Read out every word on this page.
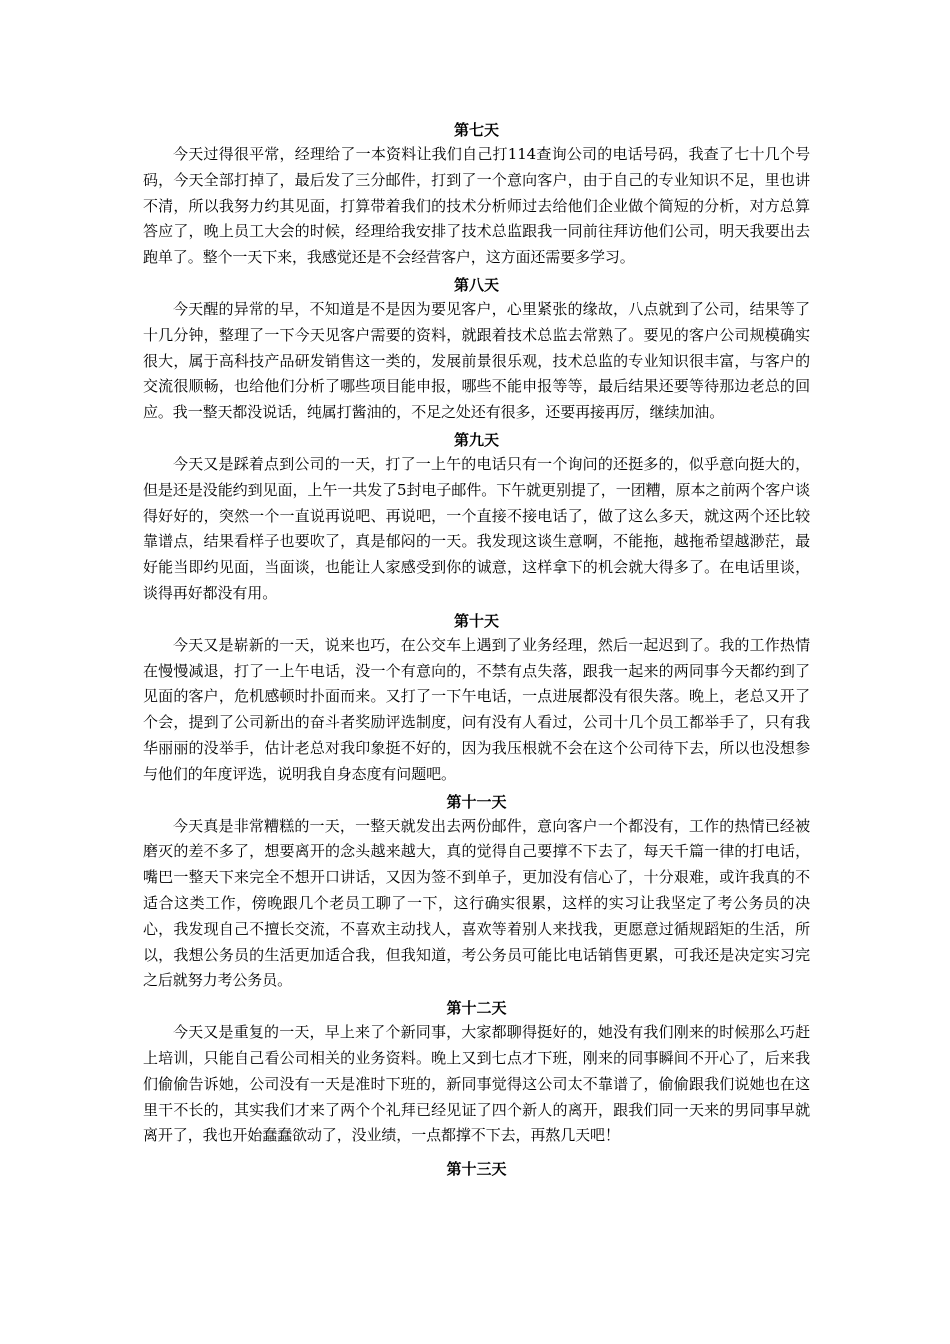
第七天

今天过得很平常，经理给了一本资料让我们自己打114查询公司的电话号码，我查了七十几个号码，今天全部打掉了，最后发了三分邮件，打到了一个意向客户，由于自己的专业知识不足，里也讲不清，所以我努力约其见面，打算带着我们的技术分析师过去给他们企业做个简短的分析，对方总算答应了，晚上员工大会的时候，经理给我安排了技术总监跟我一同前往拜访他们公司，明天我要出去跑单了。整个一天下来，我感觉还是不会经营客户，这方面还需要多学习。

第八天

今天醒的异常的早，不知道是不是因为要见客户，心里紧张的缘故，八点就到了公司，结果等了十几分钟，整理了一下今天见客户需要的资料，就跟着技术总监去常熟了。要见的客户公司规模确实很大，属于高科技产品研发销售这一类的，发展前景很乐观，技术总监的专业知识很丰富，与客户的交流很顺畅，也给他们分析了哪些项目能申报，哪些不能申报等等，最后结果还要等待那边老总的回应。我一整天都没说话，纯属打酱油的，不足之处还有很多，还要再接再厉，继续加油。

第九天

今天又是踩着点到公司的一天，打了一上午的电话只有一个询问的还挺多的，似乎意向挺大的，但是还是没能约到见面，上午一共发了5封电子邮件。下午就更别提了，一团糟，原本之前两个客户谈得好好的，突然一个一直说再说吧、再说吧，一个直接不接电话了，做了这么多天，就这两个还比较靠谱点，结果看样子也要吹了，真是郁闷的一天。我发现这谈生意啊，不能拖，越拖希望越渺茫，最好能当即约见面，当面谈，也能让人家感受到你的诚意，这样拿下的机会就大得多了。在电话里谈，谈得再好都没有用。

第十天

今天又是崭新的一天，说来也巧，在公交车上遇到了业务经理，然后一起迟到了。我的工作热情在慢慢减退，打了一上午电话，没一个有意向的，不禁有点失落，跟我一起来的两同事今天都约到了见面的客户，危机感顿时扑面而来。又打了一下午电话，一点进展都没有很失落。晚上，老总又开了个会，提到了公司新出的奋斗者奖励评选制度，问有没有人看过，公司十几个员工都举手了，只有我华丽丽的没举手，估计老总对我印象挺不好的，因为我压根就不会在这个公司待下去，所以也没想参与他们的年度评选，说明我自身态度有问题吧。

第十一天

今天真是非常糟糕的一天，一整天就发出去两份邮件，意向客户一个都没有，工作的热情已经被磨灭的差不多了，想要离开的念头越来越大，真的觉得自己要撑不下去了，每天千篇一律的打电话，嘴巴一整天下来完全不想开口讲话，又因为签不到单子，更加没有信心了，十分艰难，或许我真的不适合这类工作，傍晚跟几个老员工聊了一下，这行确实很累，这样的实习让我坚定了考公务员的决心，我发现自己不擅长交流，不喜欢主动找人，喜欢等着别人来找我，更愿意过循规蹈矩的生活，所以，我想公务员的生活更加适合我，但我知道，考公务员可能比电话销售更累，可我还是决定实习完之后就努力考公务员。

第十二天

今天又是重复的一天，早上来了个新同事，大家都聊得挺好的，她没有我们刚来的时候那么巧赶上培训，只能自己看公司相关的业务资料。晚上又到七点才下班，刚来的同事瞬间不开心了，后来我们偷偷告诉她，公司没有一天是准时下班的，新同事觉得这公司太不靠谱了，偷偷跟我们说她也在这里干不长的，其实我们才来了两个个礼拜已经见证了四个新人的离开，跟我们同一天来的男同事早就离开了，我也开始蠢蠢欲动了，没业绩，一点都撑不下去，再熬几天吧！

第十三天
